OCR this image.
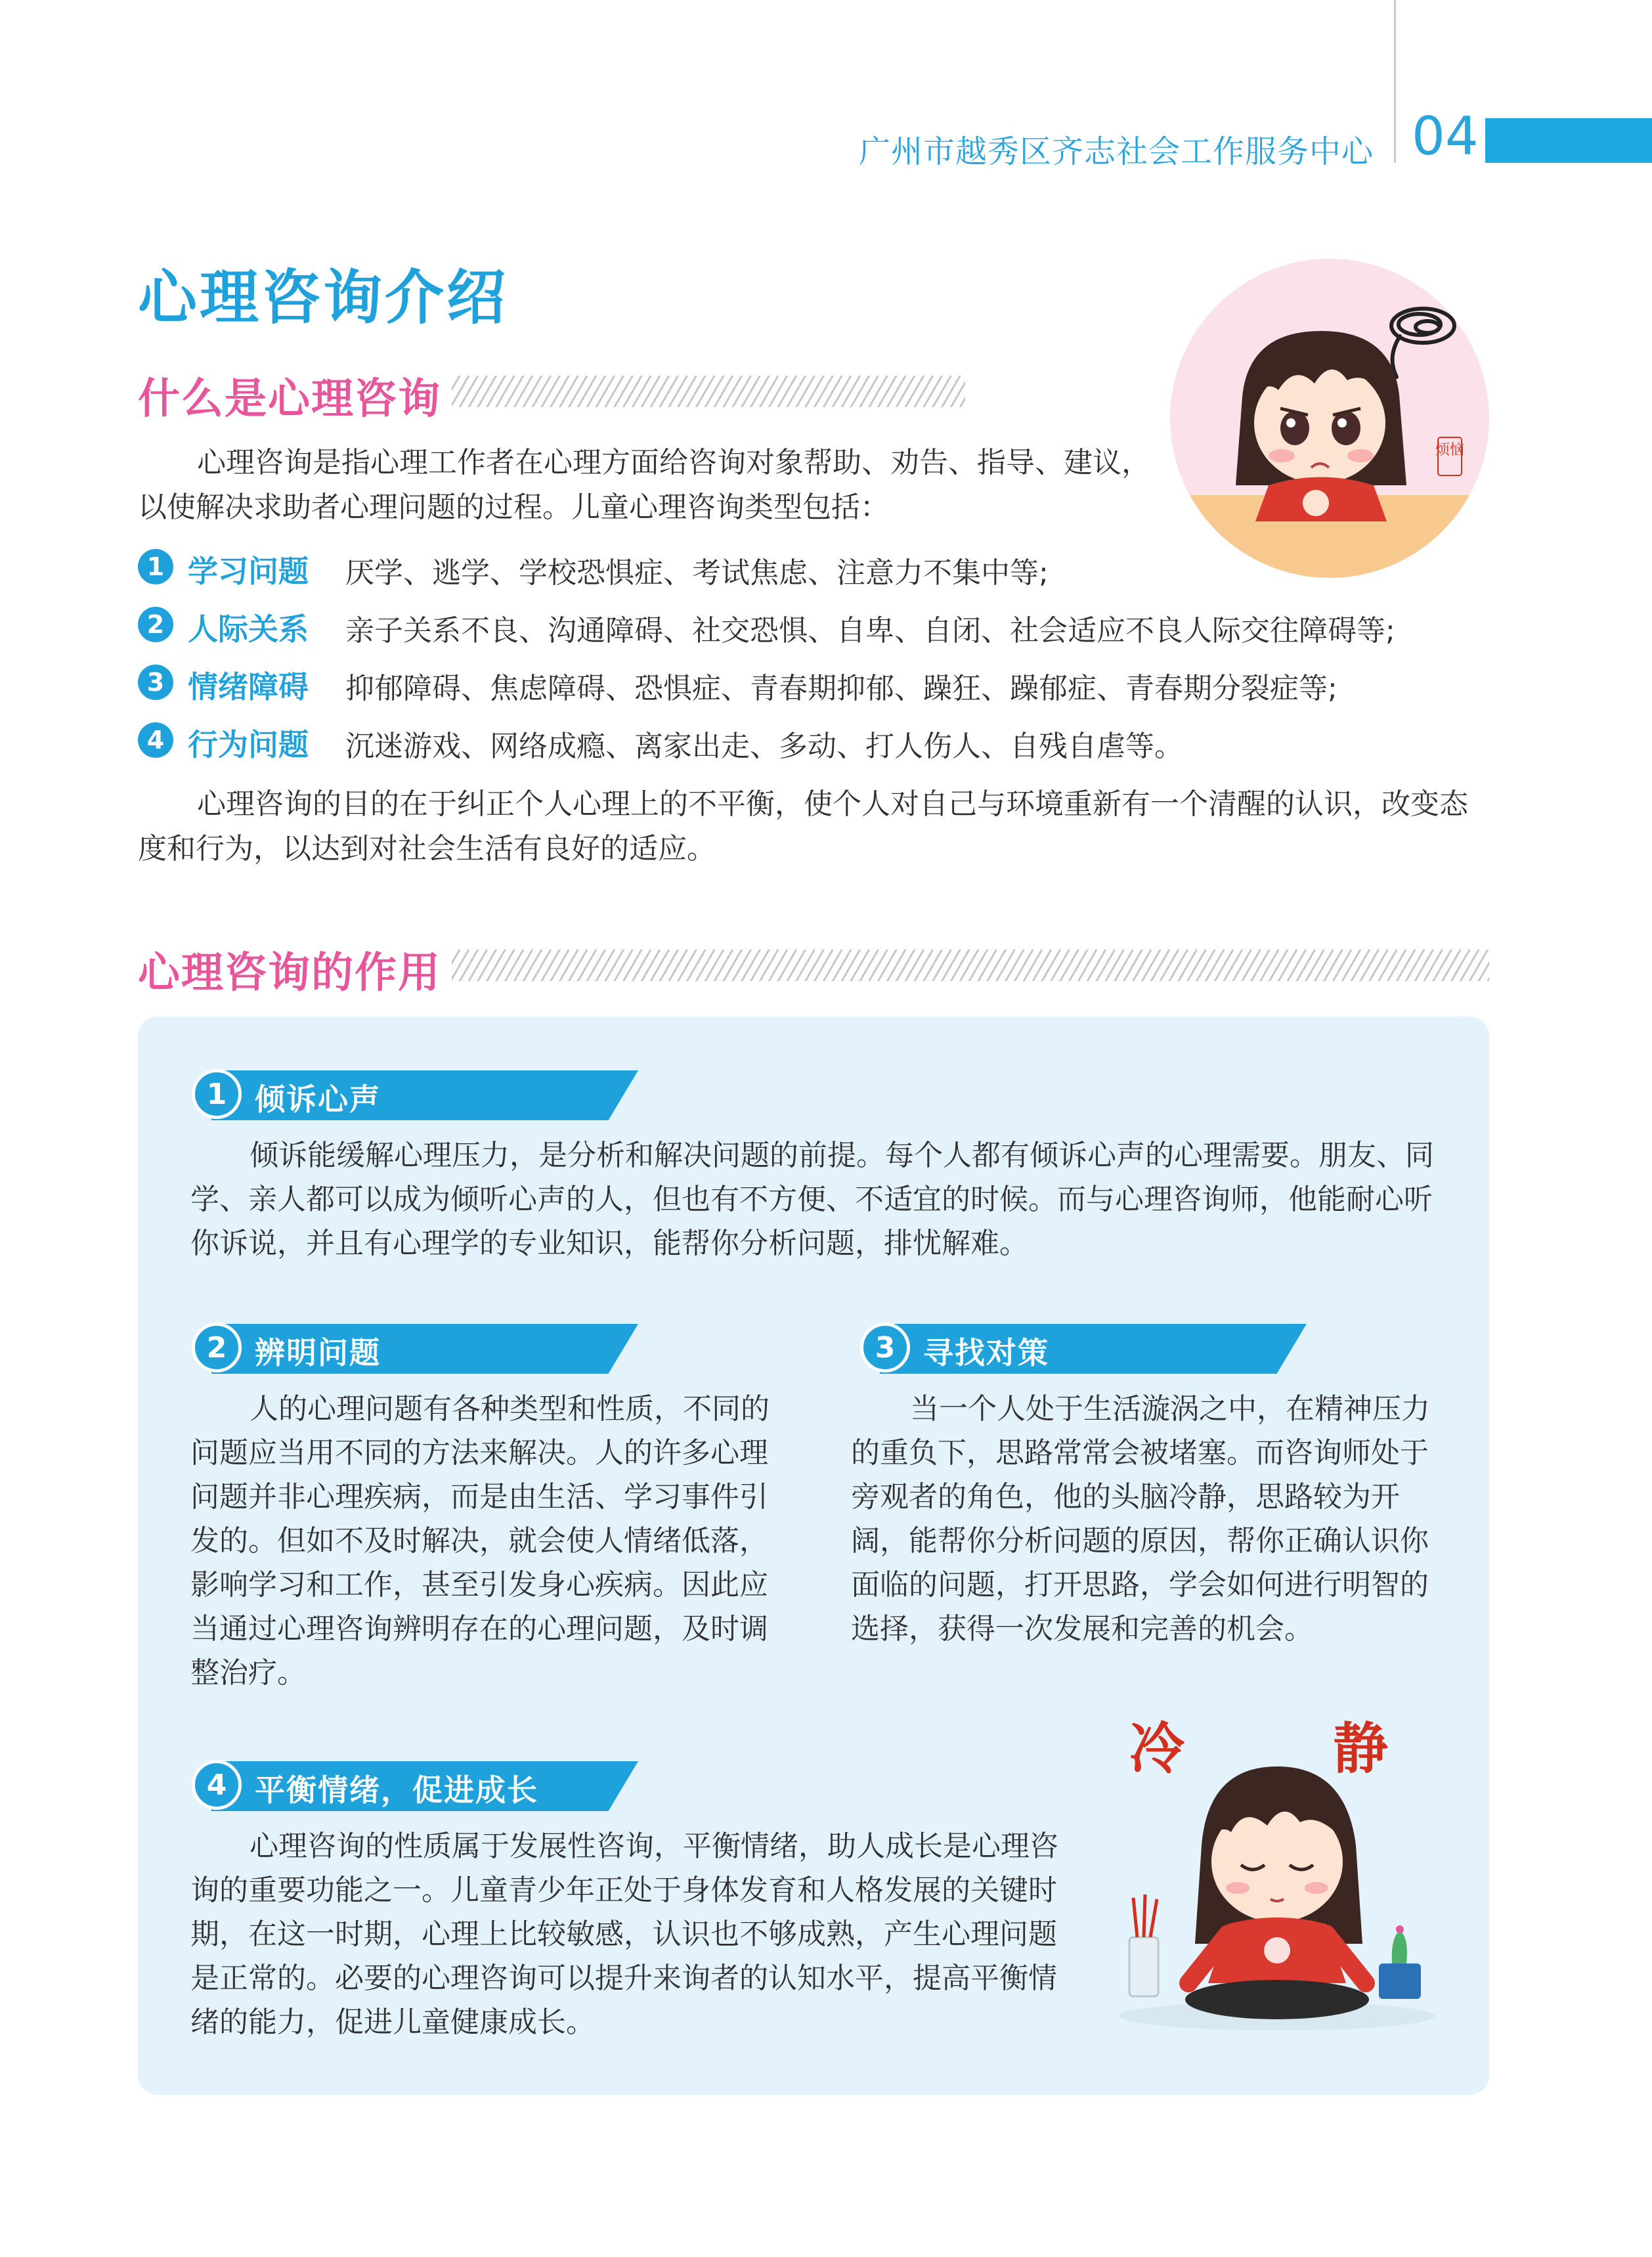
广州市越秀区齐志社会工作服务中心 04
心理咨询介绍
什么是心理咨询
心理咨询是指心理工作者在心理方面给咨询对象帮助、劝告、指导、建议，
以使解决求助者心理问题的过程。儿童心理咨询类型包括：
1 学习问题 厌学、逃学、学校恐惧症、考试焦虑、注意力不集中等;
2 人际关系 亲子关系不良、沟通障碍、社交恐惧、自卑、自闭、社会适应不良人际交往障碍等;
3 情绪障碍 抑郁障碍、焦虑障碍、恐惧症、青春期抑郁、躁狂、躁郁症、青春期分裂症等;
4 行为问题 沉迷游戏、网络成瘾、离家出走、多动、打人伤人、自残自虐等。
心理咨询的目的在于纠正个人心理上的不平衡，使个人对自己与环境重新有一个清醒的认识，改变态
度和行为，以达到对社会生活有良好的适应。
烦恼
心理咨询的作用
1 倾诉心声

倾诉能缓解心理压力，是分析和解决问题的前提。每个人都有倾诉心声的心理需要。朋友、同

学、亲人都可以成为倾听心声的人，但也有不方便、不适宜的时候。而与心理咨询师，他能耐心听

你诉说，并且有心理学的专业知识，能帮你分析问题，排忧解难。

2 辨明问题

人的心理问题有各种类型和性质，不同的

问题应当用不同的方法来解决。人的许多心理

问题并非心理疾病，而是由生活、学习事件引

发的。但如不及时解决，就会使人情绪低落，

影响学习和工作，甚至引发身心疾病。因此应

当通过心理咨询辨明存在的心理问题，及时调

整治疗。

3 寻找对策

当一个人处于生活漩涡之中，在精神压力

的重负下，思路常常会被堵塞。而咨询师处于

旁观者的角色，他的头脑冷静，思路较为开

阔，能帮你分析问题的原因，帮你正确认识你

面临的问题，打开思路，学会如何进行明智的

选择，获得一次发展和完善的机会。

4 平衡情绪，促进成长

心理咨询的性质属于发展性咨询，平衡情绪，助人成长是心理咨

询的重要功能之一。儿童青少年正处于身体发育和人格发展的关键时

期，在这一时期，心理上比较敏感，认识也不够成熟，产生心理问题

是正常的。必要的心理咨询可以提升来询者的认知水平，提高平衡情

绪的能力，促进儿童健康成长。

冷	静
